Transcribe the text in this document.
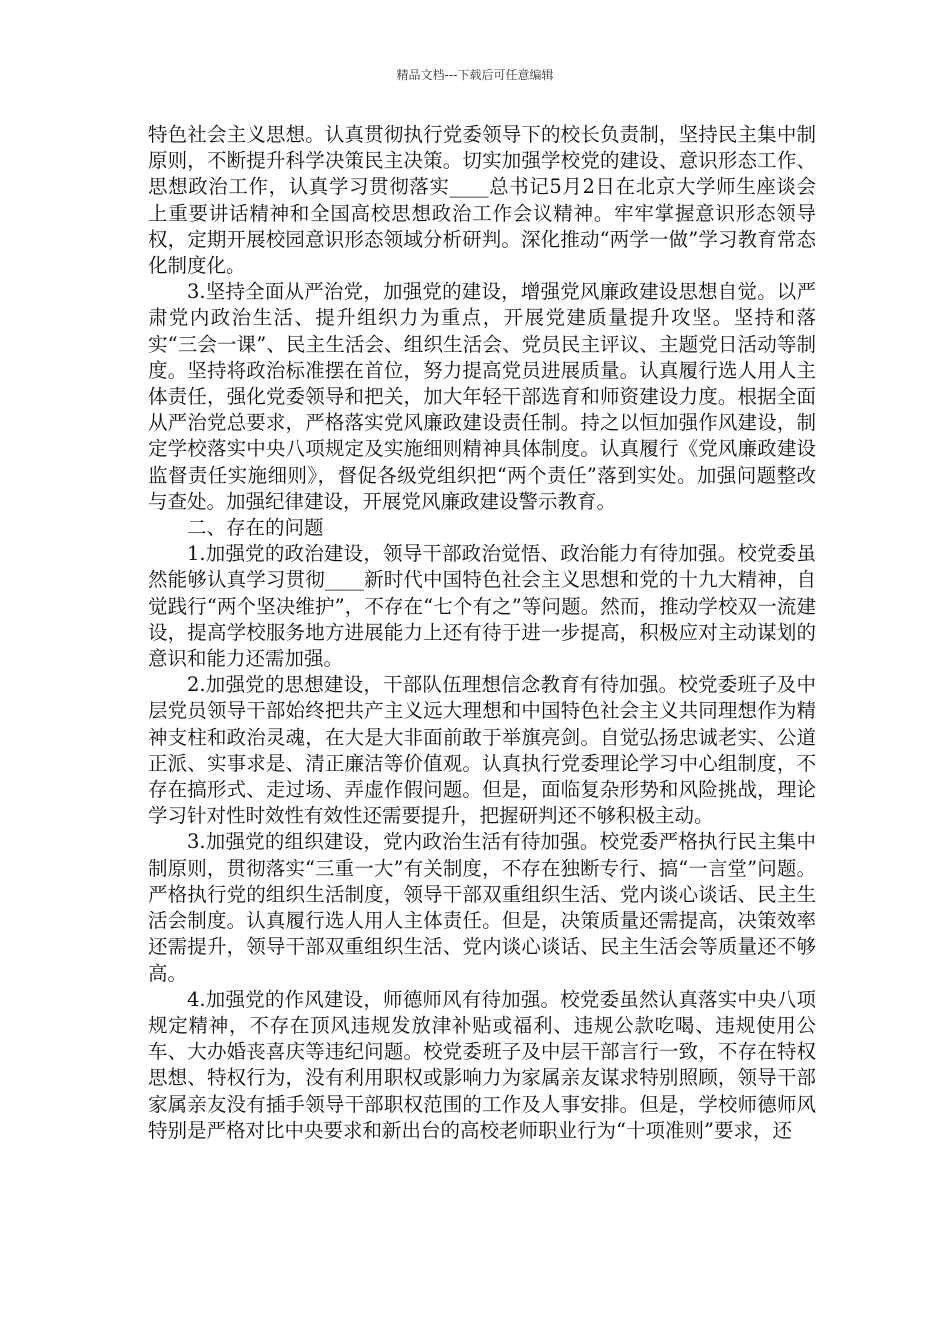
精品文档---下载后可任意编辑

特色社会主义思想。认真贯彻执行党委领导下的校长负责制，坚持民主集中制原则，不断提升科学决策民主决策。切实加强学校党的建设、意识形态工作、思想政治工作，认真学习贯彻落实____总书记5月2日在北京大学师生座谈会上重要讲话精神和全国高校思想政治工作会议精神。牢牢掌握意识形态领导权，定期开展校园意识形态领域分析研判。深化推动“两学一做”学习教育常态化制度化。

3.坚持全面从严治党，加强党的建设，增强党风廉政建设思想自觉。以严肃党内政治生活、提升组织力为重点，开展党建质量提升攻坚。坚持和落实“三会一课”、民主生活会、组织生活会、党员民主评议、主题党日活动等制度。坚持将政治标准摆在首位，努力提高党员进展质量。认真履行选人用人主体责任，强化党委领导和把关，加大年轻干部选育和师资建设力度。根据全面从严治党总要求，严格落实党风廉政建设责任制。持之以恒加强作风建设，制定学校落实中央八项规定及实施细则精神具体制度。认真履行《党风廉政建设监督责任实施细则》，督促各级党组织把“两个责任”落到实处。加强问题整改与查处。加强纪律建设，开展党风廉政建设警示教育。

二、存在的问题

1.加强党的政治建设，领导干部政治觉悟、政治能力有待加强。校党委虽然能够认真学习贯彻____新时代中国特色社会主义思想和党的十九大精神，自觉践行“两个坚决维护”，不存在“七个有之”等问题。然而，推动学校双一流建设，提高学校服务地方进展能力上还有待于进一步提高，积极应对主动谋划的意识和能力还需加强。

2.加强党的思想建设，干部队伍理想信念教育有待加强。校党委班子及中层党员领导干部始终把共产主义远大理想和中国特色社会主义共同理想作为精神支柱和政治灵魂，在大是大非面前敢于举旗亮剑。自觉弘扬忠诚老实、公道正派、实事求是、清正廉洁等价值观。认真执行党委理论学习中心组制度，不存在搞形式、走过场、弄虚作假问题。但是，面临复杂形势和风险挑战，理论学习针对性时效性有效性还需要提升，把握研判还不够积极主动。

3.加强党的组织建设，党内政治生活有待加强。校党委严格执行民主集中制原则，贯彻落实“三重一大”有关制度，不存在独断专行、搞“一言堂”问题。严格执行党的组织生活制度，领导干部双重组织生活、党内谈心谈话、民主生活会制度。认真履行选人用人主体责任。但是，决策质量还需提高，决策效率还需提升，领导干部双重组织生活、党内谈心谈话、民主生活会等质量还不够高。

4.加强党的作风建设，师德师风有待加强。校党委虽然认真落实中央八项规定精神，不存在顶风违规发放津补贴或福利、违规公款吃喝、违规使用公车、大办婚丧喜庆等违纪问题。校党委班子及中层干部言行一致，不存在特权思想、特权行为，没有利用职权或影响力为家属亲友谋求特别照顾，领导干部家属亲友没有插手领导干部职权范围的工作及人事安排。但是，学校师德师风特别是严格对比中央要求和新出台的高校老师职业行为“十项准则”要求，还
